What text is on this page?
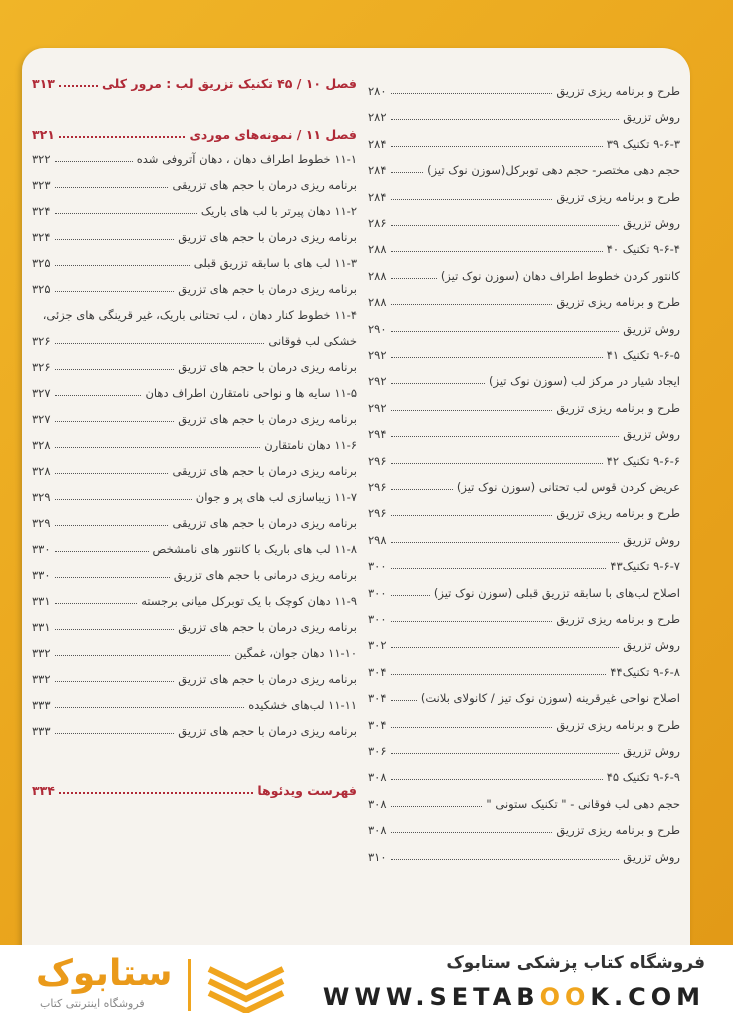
طرح و برنامه ریزی تزریق
۲۸۰
روش تزریق
۲۸۲
۹-۶-۳ تکنیک ۳۹
۲۸۴
حجم دهی مختصر- حجم دهی توبرکل(سوزن نوک تیز)
۲۸۴
طرح و برنامه ریزی تزریق
۲۸۴
روش تزریق
۲۸۶
۹-۶-۴ تکنیک ۴۰
۲۸۸
کانتور کردن خطوط اطراف دهان (سوزن نوک تیز)
۲۸۸
طرح و برنامه ریزی تزریق
۲۸۸
روش تزریق
۲۹۰
۹-۶-۵ تکنیک ۴۱
۲۹۲
ایجاد شیار در مرکز لب (سوزن نوک تیز)
۲۹۲
طرح و برنامه ریزی تزریق
۲۹۲
روش تزریق
۲۹۴
۹-۶-۶ تکنیک ۴۲
۲۹۶
عریض کردن قوس لب تحتانی (سوزن نوک تیز)
۲۹۶
طرح و برنامه ریزی تزریق
۲۹۶
روش تزریق
۲۹۸
۹-۶-۷ تکنیک۴۳
۳۰۰
اصلاح لب‌های با سابقه تزریق قبلی (سوزن نوک تیز)
۳۰۰
طرح و برنامه ریزی تزریق
۳۰۰
روش تزریق
۳۰۲
۹-۶-۸ تکنیک۴۴
۳۰۴
اصلاح نواحی غیرقرینه (سوزن نوک تیز / کانولای بلانت)
۳۰۴
طرح و برنامه ریزی تزریق
۳۰۴
روش تزریق
۳۰۶
۹-۶-۹ تکنیک ۴۵
۳۰۸
حجم دهی لب فوقانی - " تکنیک ستونی "
۳۰۸
طرح و برنامه ریزی تزریق
۳۰۸
روش تزریق
۳۱۰
فصل ۱۰ / ۴۵ تکنیک تزریق لب : مرور کلی
۳۱۳
فصل ۱۱ / نمونه‌های موردی
۳۲۱
۱۱-۱ خطوط اطراف دهان ، دهان آتروفی شده
۳۲۲
برنامه ریزی درمان با حجم های تزریقی
۳۲۳
۱۱-۲ دهان پیرتر با لب های باریک
۳۲۴
برنامه ریزی درمان با حجم های تزریق
۳۲۴
۱۱-۳ لب های با سابقه تزریق قبلی
۳۲۵
برنامه ریزی درمان با حجم های تزریق
۳۲۵
۱۱-۴ خطوط کنار دهان ، لب تحتانی باریک، غیر قرینگی های جزئی،
خشکی لب فوقانی
۳۲۶
برنامه ریزی درمان با حجم های تزریق
۳۲۶
۱۱-۵ سایه ها و نواحی نامتقارن اطراف دهان
۳۲۷
برنامه ریزی درمان با حجم های تزریق
۳۲۷
۱۱-۶ دهان نامتقارن
۳۲۸
برنامه ریزی درمان با حجم های تزریقی
۳۲۸
۱۱-۷ زیباسازی لب های پر و جوان
۳۲۹
برنامه ریزی درمان با حجم های تزریقی
۳۲۹
۱۱-۸ لب های باریک با کانتور های نامشخص
۳۳۰
برنامه ریزی درمانی با حجم های تزریق
۳۳۰
۱۱-۹ دهان کوچک با یک توبرکل میانی برجسته
۳۳۱
برنامه ریزی درمان با حجم های تزریق
۳۳۱
۱۱-۱۰ دهان جوان، غمگین
۳۳۲
برنامه ریزی درمان با حجم های تزریق
۳۳۲
۱۱-۱۱ لب‌های خشکیده
۳۳۳
برنامه ریزی درمان با حجم های تزریق
۳۳۳
فهرست ویدئوها
۳۳۴
فروشگاه کتاب پزشکی ستابوک
WWW.SETABOOK.COM
ستابوک
فروشگاه اینترنتی کتاب
